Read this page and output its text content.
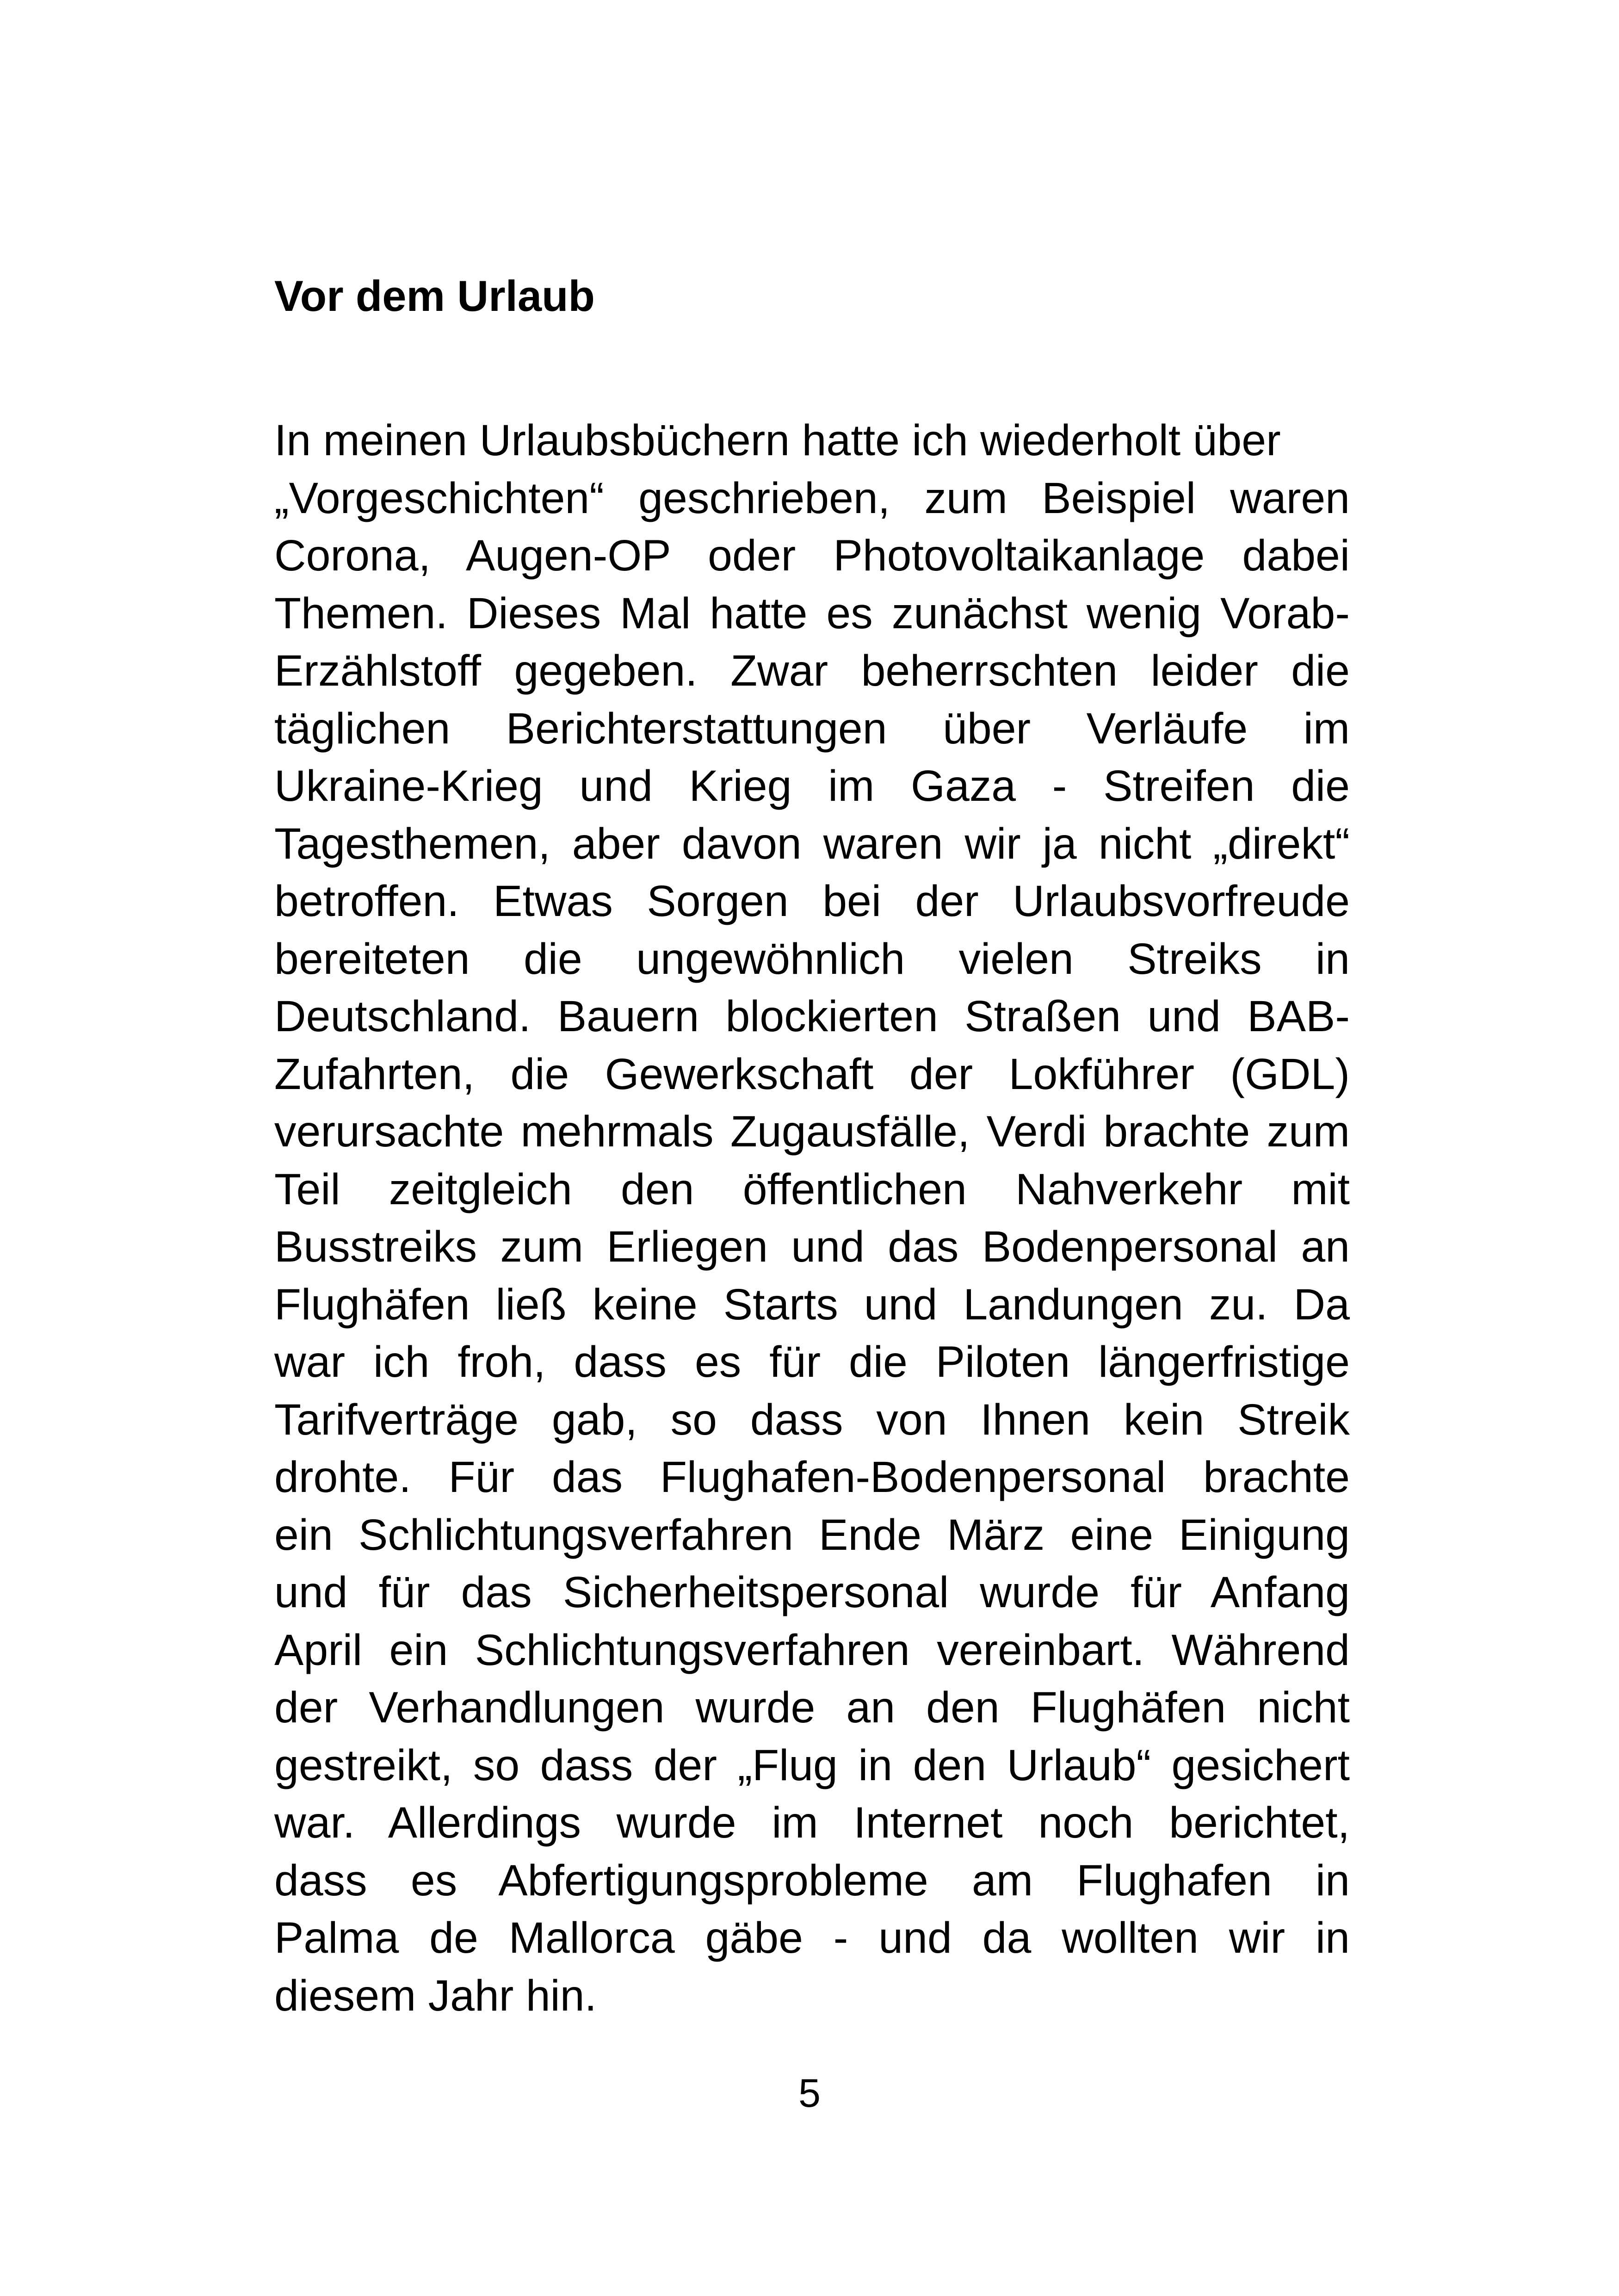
Vor dem Urlaub
In meinen Urlaubsbüchern hatte ich wiederholt über
„Vorgeschichten“ geschrieben, zum Beispiel waren
Corona, Augen-OP oder Photovoltaikanlage dabei
Themen. Dieses Mal hatte es zunächst wenig Vorab-
Erzählstoff gegeben. Zwar beherrschten leider die
täglichen Berichterstattungen über Verläufe im
Ukraine-Krieg und Krieg im Gaza - Streifen die
Tagesthemen, aber davon waren wir ja nicht „direkt“
betroffen. Etwas Sorgen bei der Urlaubsvorfreude
bereiteten die ungewöhnlich vielen Streiks in
Deutschland. Bauern blockierten Straßen und BAB-
Zufahrten, die Gewerkschaft der Lokführer (GDL)
verursachte mehrmals Zugausfälle, Verdi brachte zum
Teil zeitgleich den öffentlichen Nahverkehr mit
Busstreiks zum Erliegen und das Bodenpersonal an
Flughäfen ließ keine Starts und Landungen zu. Da
war ich froh, dass es für die Piloten längerfristige
Tarifverträge gab, so dass von Ihnen kein Streik
drohte. Für das Flughafen-Bodenpersonal brachte
ein Schlichtungsverfahren Ende März eine Einigung
und für das Sicherheitspersonal wurde für Anfang
April ein Schlichtungsverfahren vereinbart. Während
der Verhandlungen wurde an den Flughäfen nicht
gestreikt, so dass der „Flug in den Urlaub“ gesichert
war. Allerdings wurde im Internet noch berichtet,
dass es Abfertigungsprobleme am Flughafen in
Palma de Mallorca gäbe - und da wollten wir in
diesem Jahr hin.
5
